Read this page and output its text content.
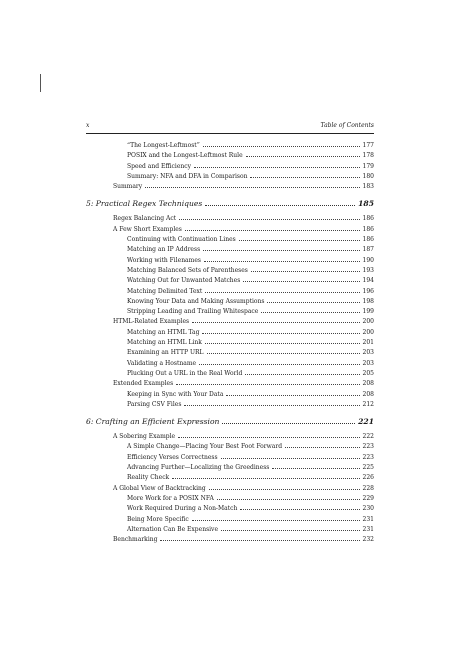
x	Table of Contents
“The Longest-Leftmost”	177
POSIX and the Longest-Leftmost Rule	178
Speed and Efficiency	179
Summary: NFA and DFA in Comparison	180
Summary	183
5: Practical Regex Techniques	185
Regex Balancing Act	186
A Few Short Examples	186
Continuing with Continuation Lines	186
Matching an IP Address	187
Working with Filenames	190
Matching Balanced Sets of Parentheses	193
Watching Out for Unwanted Matches	194
Matching Delimited Text	196
Knowing Your Data and Making Assumptions	198
Stripping Leading and Trailing Whitespace	199
HTML-Related Examples	200
Matching an HTML Tag	200
Matching an HTML Link	201
Examining an HTTP URL	203
Validating a Hostname	203
Plucking Out a URL in the Real World	205
Extended Examples	208
Keeping in Sync with Your Data	208
Parsing CSV Files	212
6: Crafting an Efficient Expression	221
A Sobering Example	222
A Simple Change—Placing Your Best Foot Forward	223
Efficiency Verses Correctness	223
Advancing Further—Localizing the Greediness	225
Reality Check	226
A Global View of Backtracking	228
More Work for a POSIX NFA	229
Work Required During a Non-Match	230
Being More Specific	231
Alternation Can Be Expensive	231
Benchmarking	232
